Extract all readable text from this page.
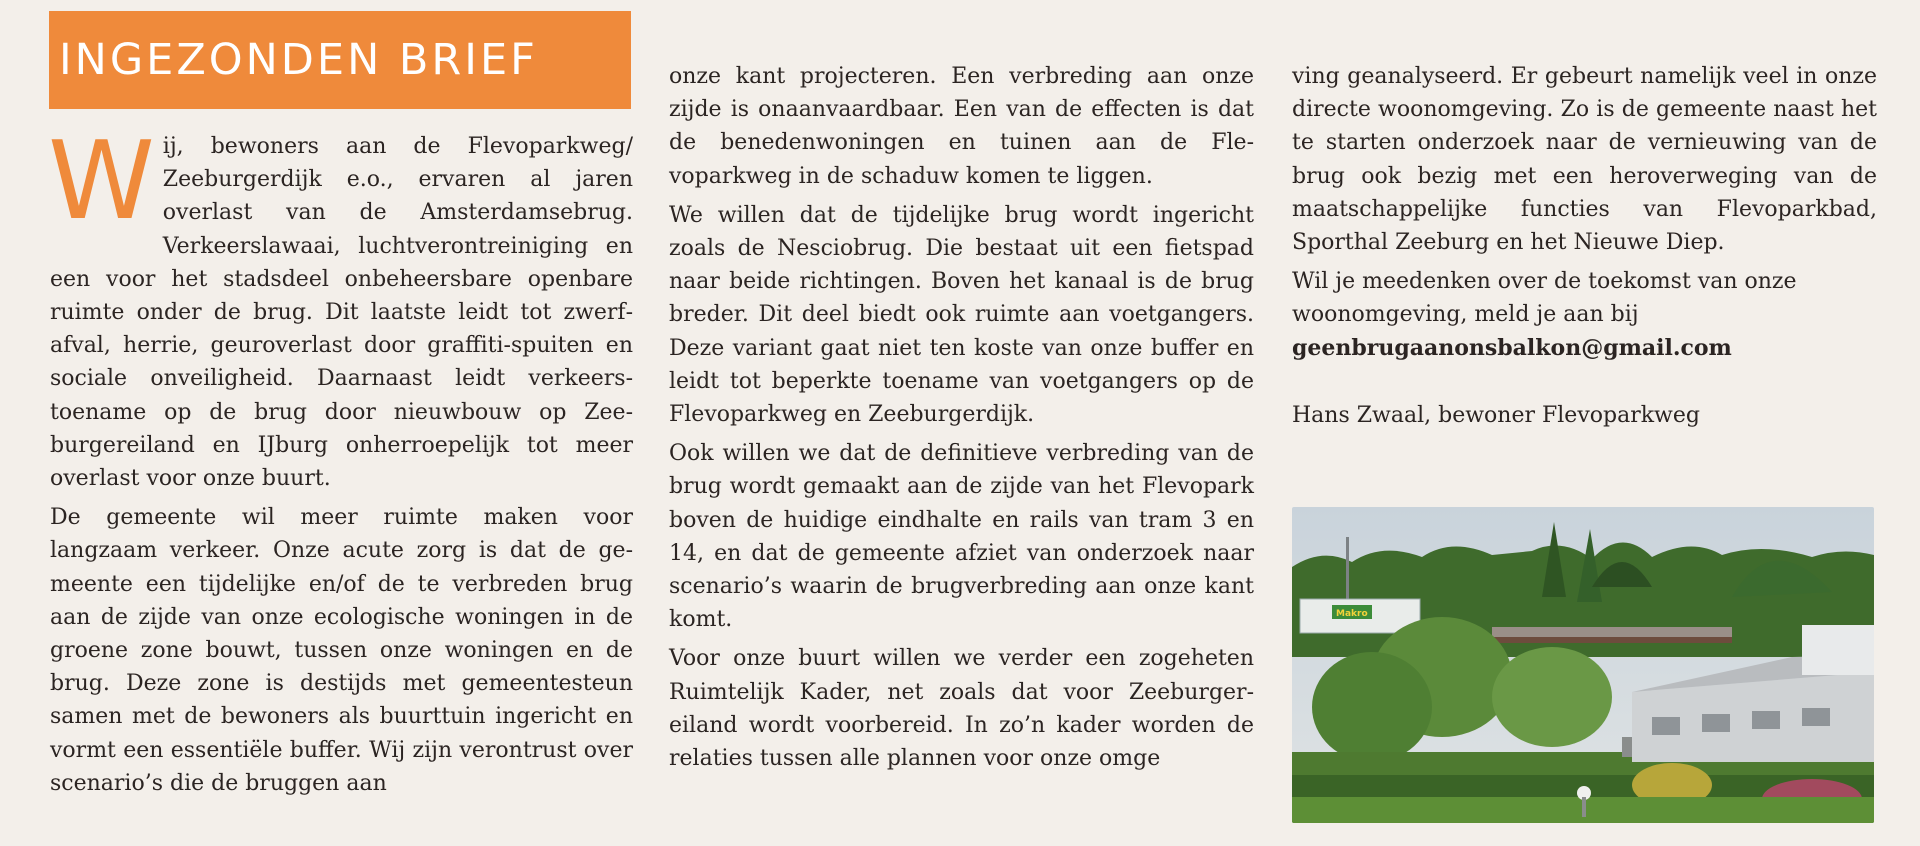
INGEZONDEN BRIEF

Wij, bewoners aan de Flevoparkweg/ Zeeburgerdijk e.o., ervaren al jaren overlast van de Amsterdamsebrug. Verkeerslawaai, luchtverontreiniging en een voor het stadsdeel onbeheersbare openbare ruimte onder de brug. Dit laatste leidt tot zwerfafval, herrie, geuroverlast door graffiti-spuiten en sociale onveiligheid. Daarnaast leidt verkeerstoename op de brug door nieuwbouw op Zeeburgereiland en IJburg onherroepelijk tot meer overlast voor onze buurt.

De gemeente wil meer ruimte maken voor langzaam verkeer. Onze acute zorg is dat de gemeente een tijdelijke en/of de te verbreden brug aan de zijde van onze ecologische woningen in de groene zone bouwt, tussen onze woningen en de brug. Deze zone is destijds met gemeentesteun samen met de bewoners als buurttuin ingericht en vormt een essentiële buffer. Wij zijn verontrust over scenario’s die de bruggen aan

onze kant projecteren. Een verbreding aan onze zijde is onaanvaardbaar. Een van de effecten is dat de benedenwoningen en tuinen aan de Flevoparkweg in de schaduw komen te liggen.

We willen dat de tijdelijke brug wordt ingericht zoals de Nesciobrug. Die bestaat uit een fietspad naar beide richtingen. Boven het kanaal is de brug breder. Dit deel biedt ook ruimte aan voetgangers. Deze variant gaat niet ten koste van onze buffer en leidt tot beperkte toename van voetgangers op de Flevoparkweg en Zeeburgerdijk.

Ook willen we dat de definitieve verbreding van de brug wordt gemaakt aan de zijde van het Flevopark boven de huidige eindhalte en rails van tram 3 en 14, en dat de gemeente afziet van onderzoek naar scenario’s waarin de brugverbreding aan onze kant komt.

Voor onze buurt willen we verder een zogeheten Ruimtelijk Kader, net zoals dat voor Zeeburgereiland wordt voorbereid. In zo’n kader worden de relaties tussen alle plannen voor onze omge

ving geanalyseerd. Er gebeurt namelijk veel in onze directe woonomgeving. Zo is de gemeente naast het te starten onderzoek naar de vernieuwing van de brug ook bezig met een heroverweging van de maatschappelijke functies van Flevoparkbad, Sporthal Zeeburg en het Nieuwe Diep.

Wil je meedenken over de toekomst van onze woonomgeving, meld je aan bij
geenbrugaanonsbalkon@gmail.com

Hans Zwaal, bewoner Flevoparkweg

Makro
